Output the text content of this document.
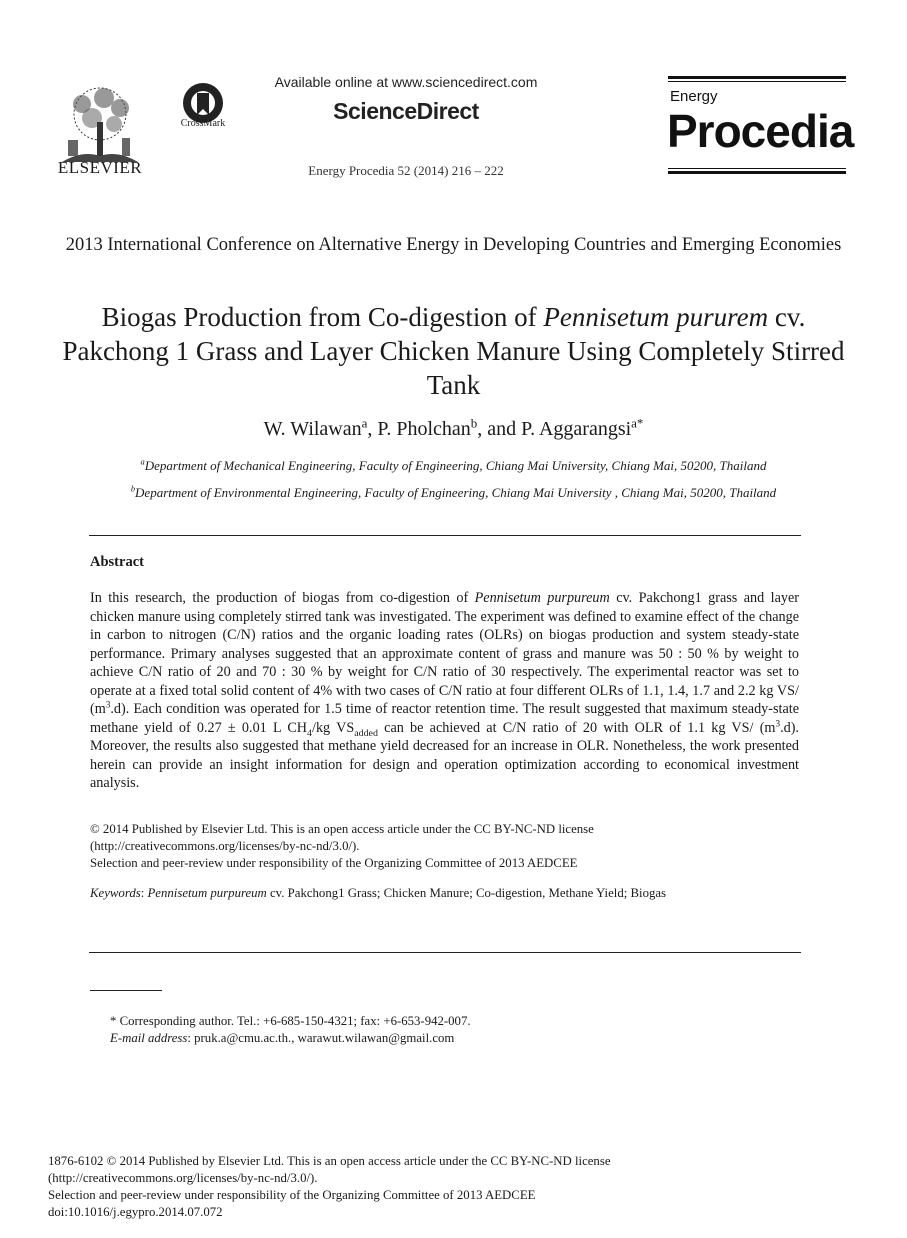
ELSEVIER
CrossMark
Available online at www.sciencedirect.com
ScienceDirect
Energy Procedia 52 (2014) 216 – 222
Energy
Procedia
2013 International Conference on Alternative Energy in Developing Countries and Emerging Economies
Biogas Production from Co-digestion of Pennisetum pururem cv. Pakchong 1 Grass and Layer Chicken Manure Using Completely Stirred Tank
W. Wilawan$^a$, P. Pholchan$^b$, and P. Aggarangsi$^{a*}$
$^a$Department of Mechanical Engineering, Faculty of Engineering, Chiang Mai University, Chiang Mai, 50200, Thailand
$^b$Department of Environmental Engineering, Faculty of Engineering, Chiang Mai University , Chiang Mai, 50200, Thailand
Abstract
In this research, the production of biogas from co-digestion of Pennisetum purpureum cv. Pakchong1 grass and layer chicken manure using completely stirred tank was investigated. The experiment was defined to examine effect of the change in carbon to nitrogen (C/N) ratios and the organic loading rates (OLRs) on biogas production and system steady-state performance. Primary analyses suggested that an approximate content of grass and manure was 50 : 50 % by weight to achieve C/N ratio of 20 and 70 : 30 % by weight for C/N ratio of 30 respectively. The experimental reactor was set to operate at a fixed total solid content of 4% with two cases of C/N ratio at four different OLRs of 1.1, 1.4, 1.7 and 2.2 kg VS/ $(m^3.d)$. Each condition was operated for 1.5 time of reactor retention time. The result suggested that maximum steady-state methane yield of 0.27 ± 0.01 L $CH_4/kg$ $VS_{added}$ can be achieved at C/N ratio of 20 with OLR of 1.1 kg VS/ $(m^3.d)$. Moreover, the results also suggested that methane yield decreased for an increase in OLR. Nonetheless, the work presented herein can provide an insight information for design and operation optimization according to economical investment analysis.
© 2014 Published by Elsevier Ltd. This is an open access article under the CC BY-NC-ND license
(http://creativecommons.org/licenses/by-nc-nd/3.0/).
Selection and peer-review under responsibility of the Organizing Committee of 2013 AEDCEE
Keywords: Pennisetum purpureum cv. Pakchong1 Grass; Chicken Manure; Co-digestion, Methane Yield; Biogas
* Corresponding author. Tel.: +6-685-150-4321; fax: +6-653-942-007.
E-mail address: pruk.a@cmu.ac.th., warawut.wilawan@gmail.com
1876-6102 © 2014 Published by Elsevier Ltd. This is an open access article under the CC BY-NC-ND license
(http://creativecommons.org/licenses/by-nc-nd/3.0/).
Selection and peer-review under responsibility of the Organizing Committee of 2013 AEDCEE
doi:10.1016/j.egypro.2014.07.072
